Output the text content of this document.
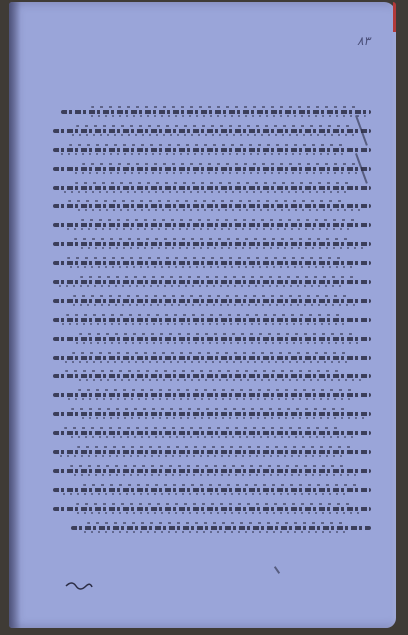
٨٣
